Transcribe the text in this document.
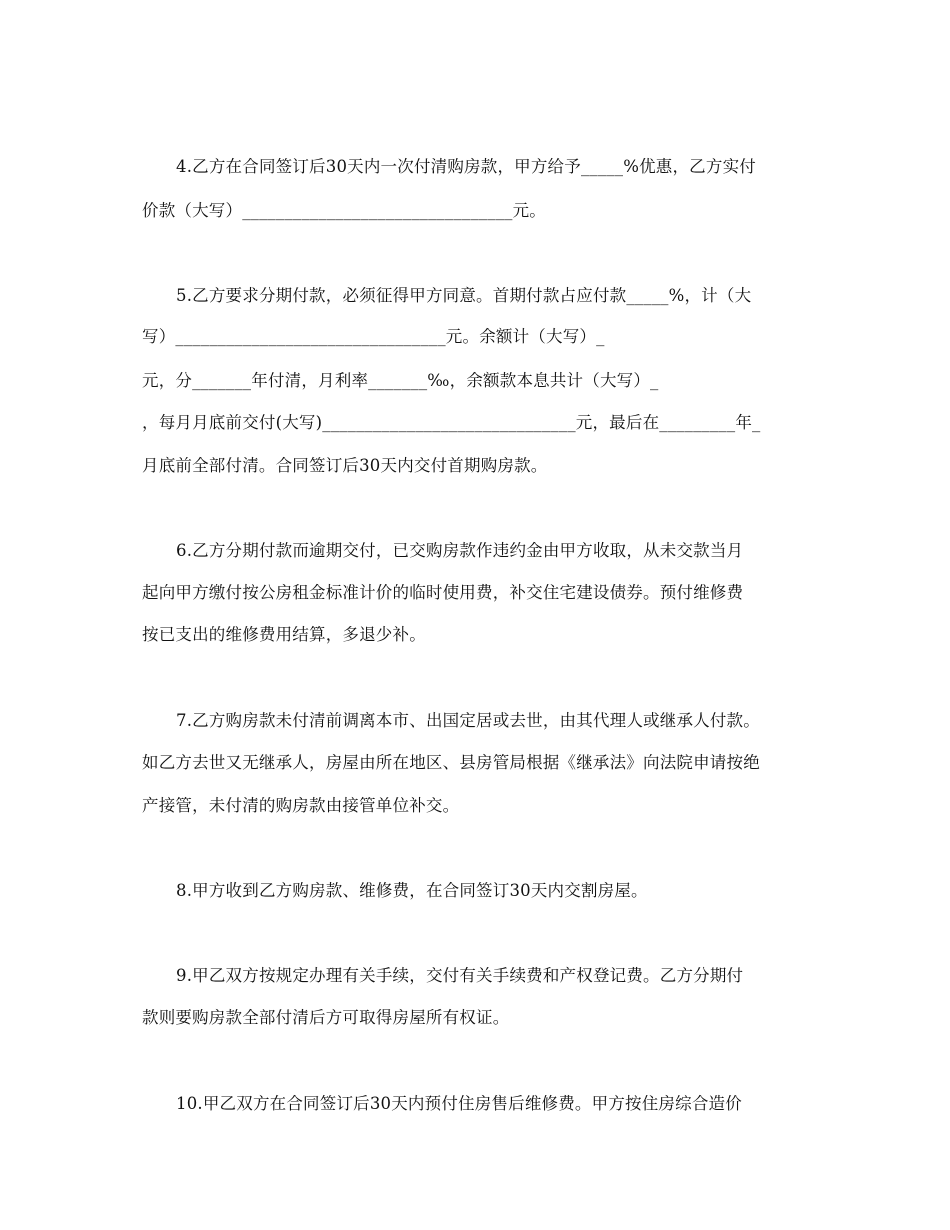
4.乙方在合同签订后30天内一次付清购房款，甲方给予_____%优惠，乙方实付
价款（大写）________________________________元。
5.乙方要求分期付款，必须征得甲方同意。首期付款占应付款_____%，计（大
写）________________________________元。余额计（大写）_
元，分_______年付清，月利率_______‰，余额款本息共计（大写）_
，每月月底前交付(大写)______________________________元，最后在_________年_
月底前全部付清。合同签订后30天内交付首期购房款。
6.乙方分期付款而逾期交付，已交购房款作违约金由甲方收取，从未交款当月
起向甲方缴付按公房租金标准计价的临时使用费，补交住宅建设债券。预付维修费
按已支出的维修费用结算，多退少补。
7.乙方购房款未付清前调离本市、出国定居或去世，由其代理人或继承人付款。
如乙方去世又无继承人，房屋由所在地区、县房管局根据《继承法》向法院申请按绝
产接管，未付清的购房款由接管单位补交。
8.甲方收到乙方购房款、维修费，在合同签订30天内交割房屋。
9.甲乙双方按规定办理有关手续，交付有关手续费和产权登记费。乙方分期付
款则要购房款全部付清后方可取得房屋所有权证。
10.甲乙双方在合同签订后30天内预付住房售后维修费。甲方按住房综合造价
